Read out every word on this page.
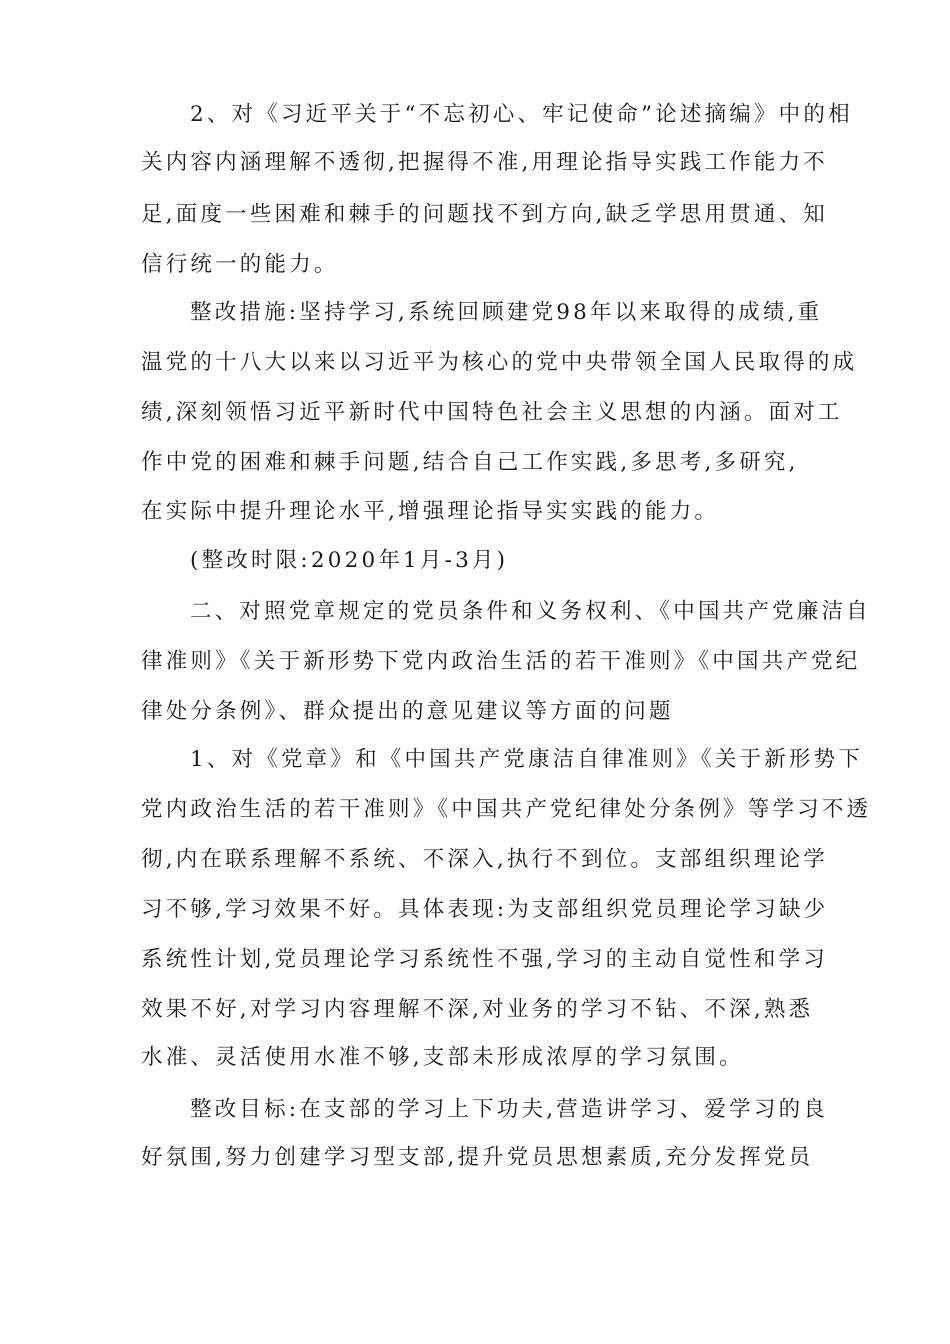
2、对《习近平关于“不忘初心、牢记使命”论述摘编》中的相

关内容内涵理解不透彻,把握得不准,用理论指导实践工作能力不

足,面度一些困难和棘手的问题找不到方向,缺乏学思用贯通、知

信行统一的能力。

整改措施:坚持学习,系统回顾建党98年以来取得的成绩,重

温党的十八大以来以习近平为核心的党中央带领全国人民取得的成

绩,深刻领悟习近平新时代中国特色社会主义思想的内涵。面对工

作中党的困难和棘手问题,结合自己工作实践,多思考,多研究,

在实际中提升理论水平,增强理论指导实实践的能力。

(整改时限:2020年1月-3月)

二、对照党章规定的党员条件和义务权利、《中国共产党廉洁自

律准则》《关于新形势下党内政治生活的若干准则》《中国共产党纪

律处分条例》、群众提出的意见建议等方面的问题

1、对《党章》和《中国共产党康洁自律准则》《关于新形势下

党内政治生活的若干准则》《中国共产党纪律处分条例》等学习不透

彻,内在联系理解不系统、不深入,执行不到位。支部组织理论学

习不够,学习效果不好。具体表现:为支部组织党员理论学习缺少

系统性计划,党员理论学习系统性不强,学习的主动自觉性和学习

效果不好,对学习内容理解不深,对业务的学习不钻、不深,熟悉

水准、灵活使用水准不够,支部未形成浓厚的学习氛围。

整改目标:在支部的学习上下功夫,营造讲学习、爱学习的良

好氛围,努力创建学习型支部,提升党员思想素质,充分发挥党员
